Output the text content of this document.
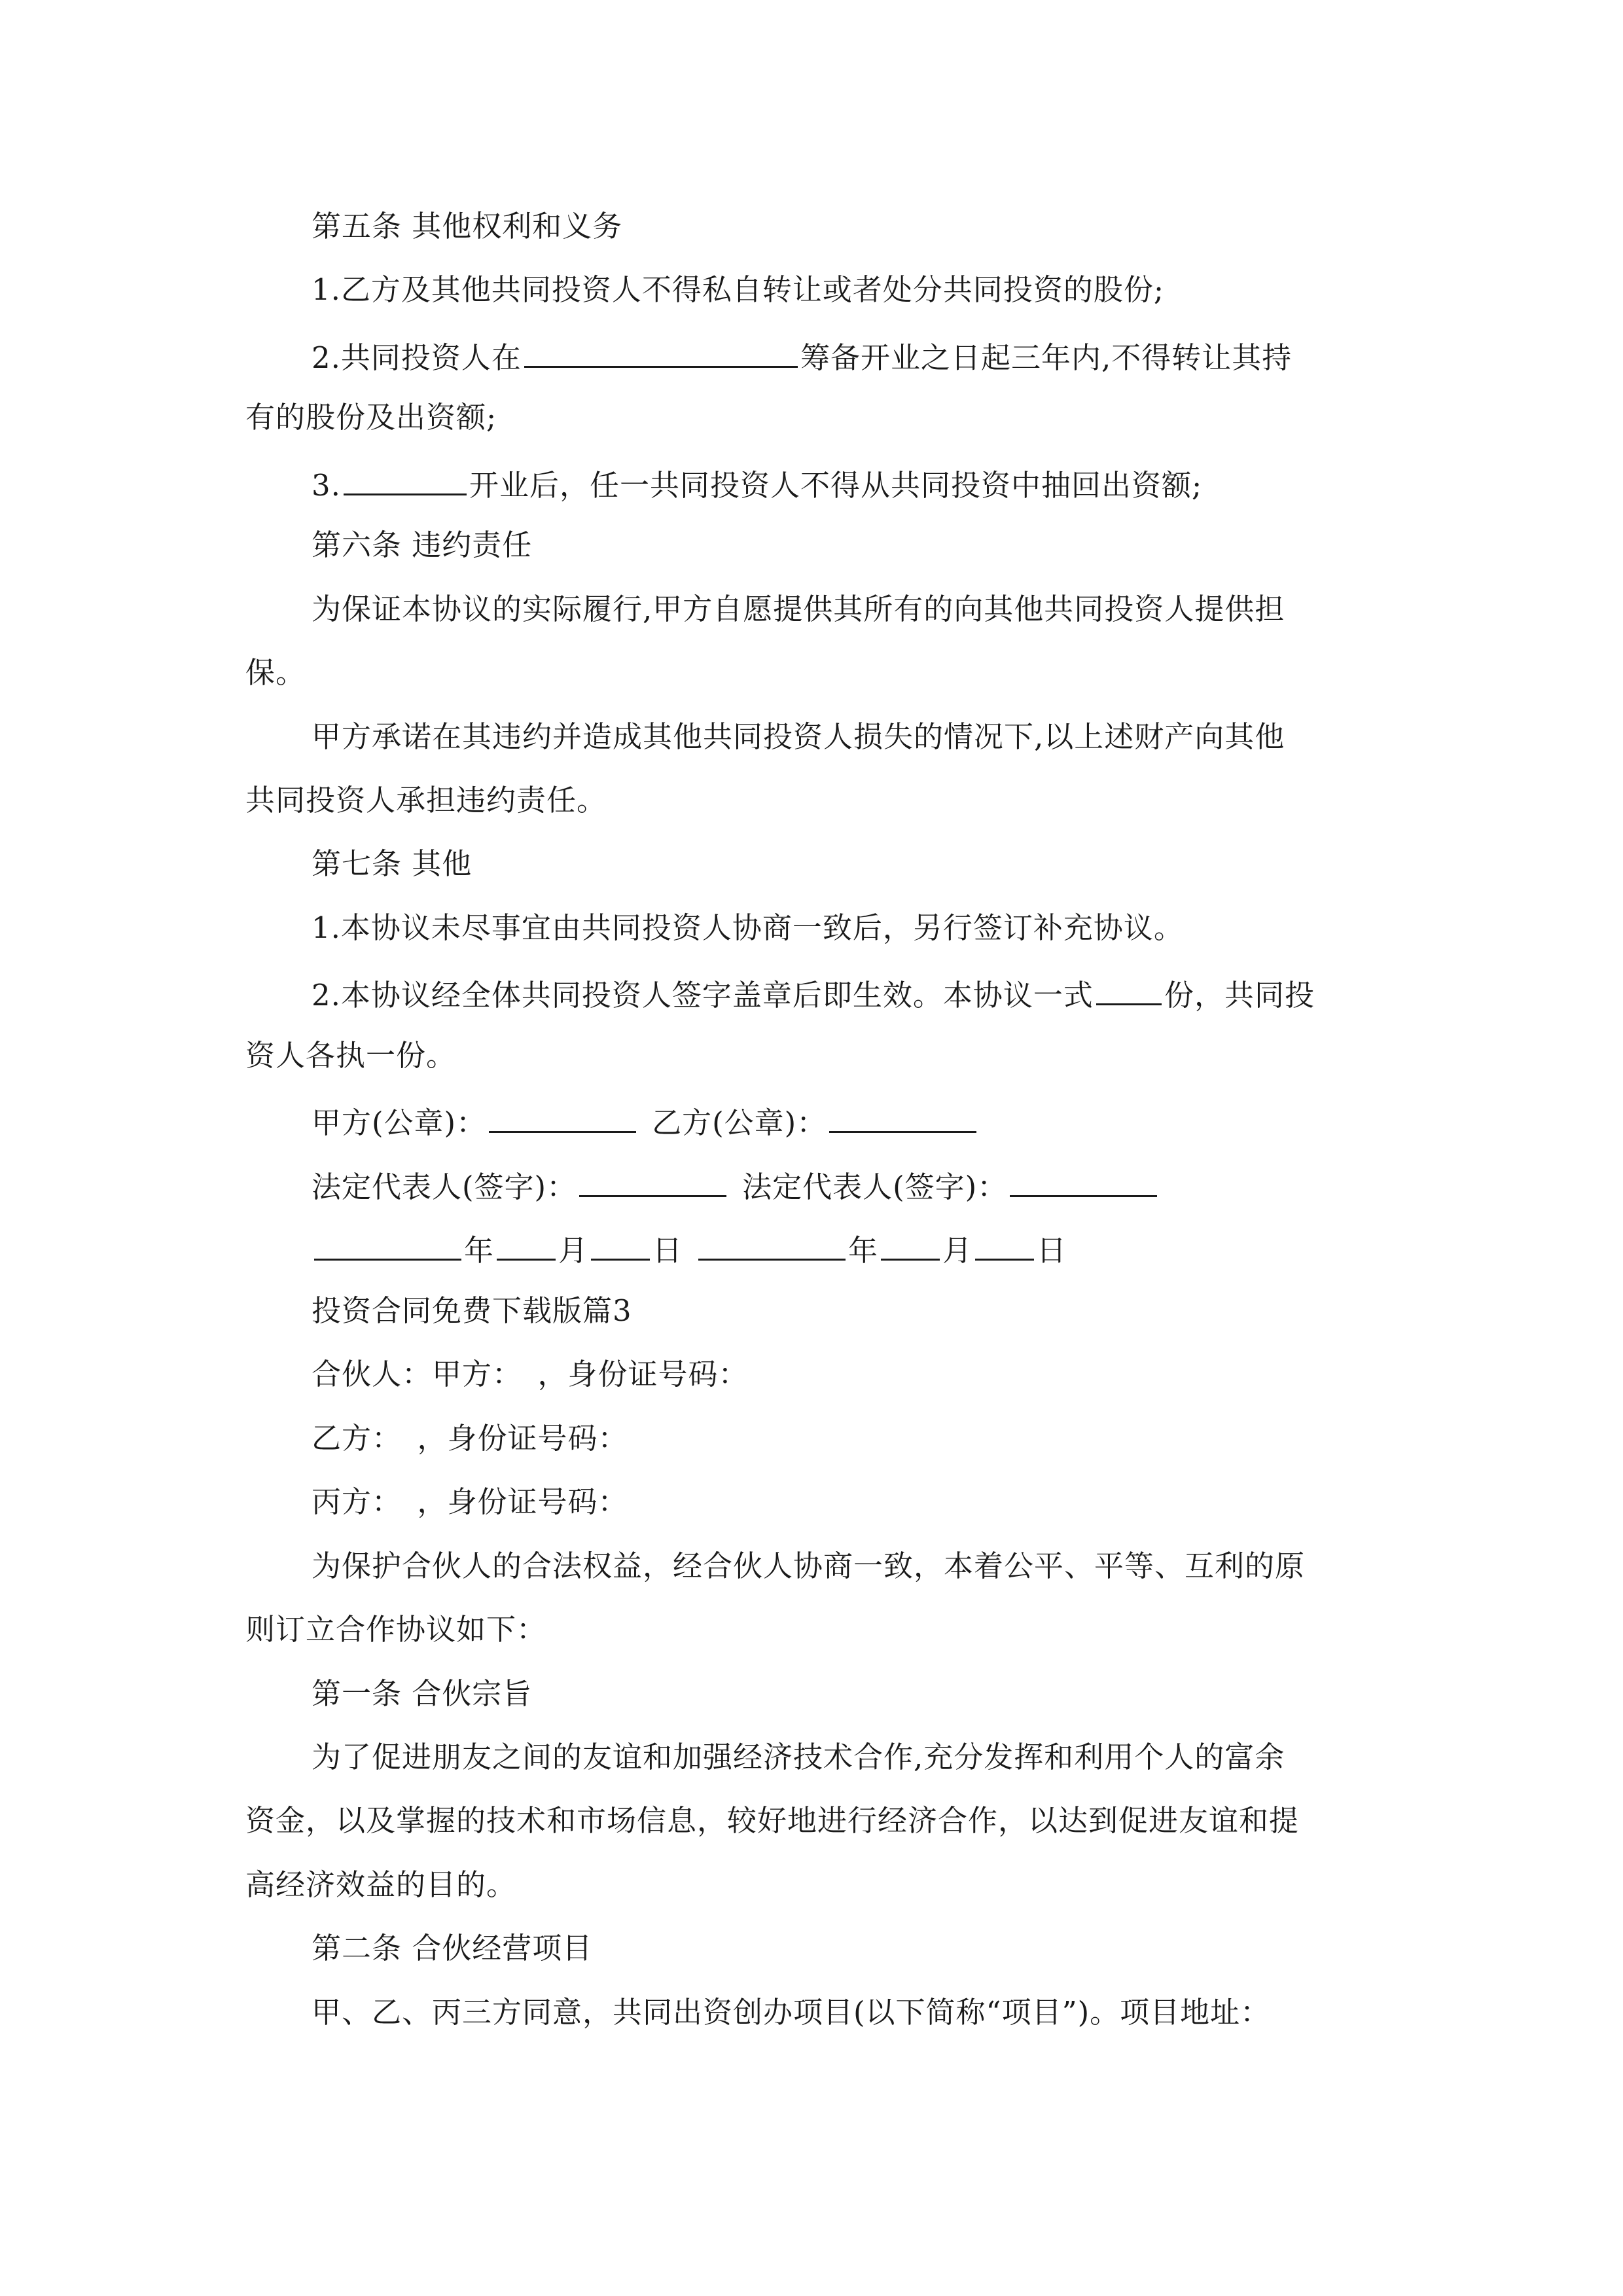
第五条 其他权利和义务
1.乙方及其他共同投资人不得私自转让或者处分共同投资的股份;
2.共同投资人在	筹备开业之日起三年内,不得转让其持
有的股份及出资额;
3.	开业后，任一共同投资人不得从共同投资中抽回出资额;
第六条 违约责任
为保证本协议的实际履行,甲方自愿提供其所有的向其他共同投资人提供担
保。
甲方承诺在其违约并造成其他共同投资人损失的情况下,以上述财产向其他
共同投资人承担违约责任。
第七条 其他
1.本协议未尽事宜由共同投资人协商一致后，另行签订补充协议。
2.本协议经全体共同投资人签字盖章后即生效。本协议一式 份，共同投
资人各执一份。
甲方(公章)：	乙方(公章)：
法定代表人(签字)：	法定代表人(签字)：
年 月 日	年 月 日
投资合同免费下载版篇3
合伙人：甲方：　，身份证号码：
乙方：　，身份证号码：
丙方：　，身份证号码：
为保护合伙人的合法权益，经合伙人协商一致，本着公平、平等、互利的原
则订立合作协议如下：
第一条 合伙宗旨
为了促进朋友之间的友谊和加强经济技术合作,充分发挥和利用个人的富余
资金，以及掌握的技术和市场信息，较好地进行经济合作，以达到促进友谊和提
高经济效益的目的。
第二条 合伙经营项目
甲、乙、丙三方同意，共同出资创办项目(以下简称“项目”)。项目地址：
